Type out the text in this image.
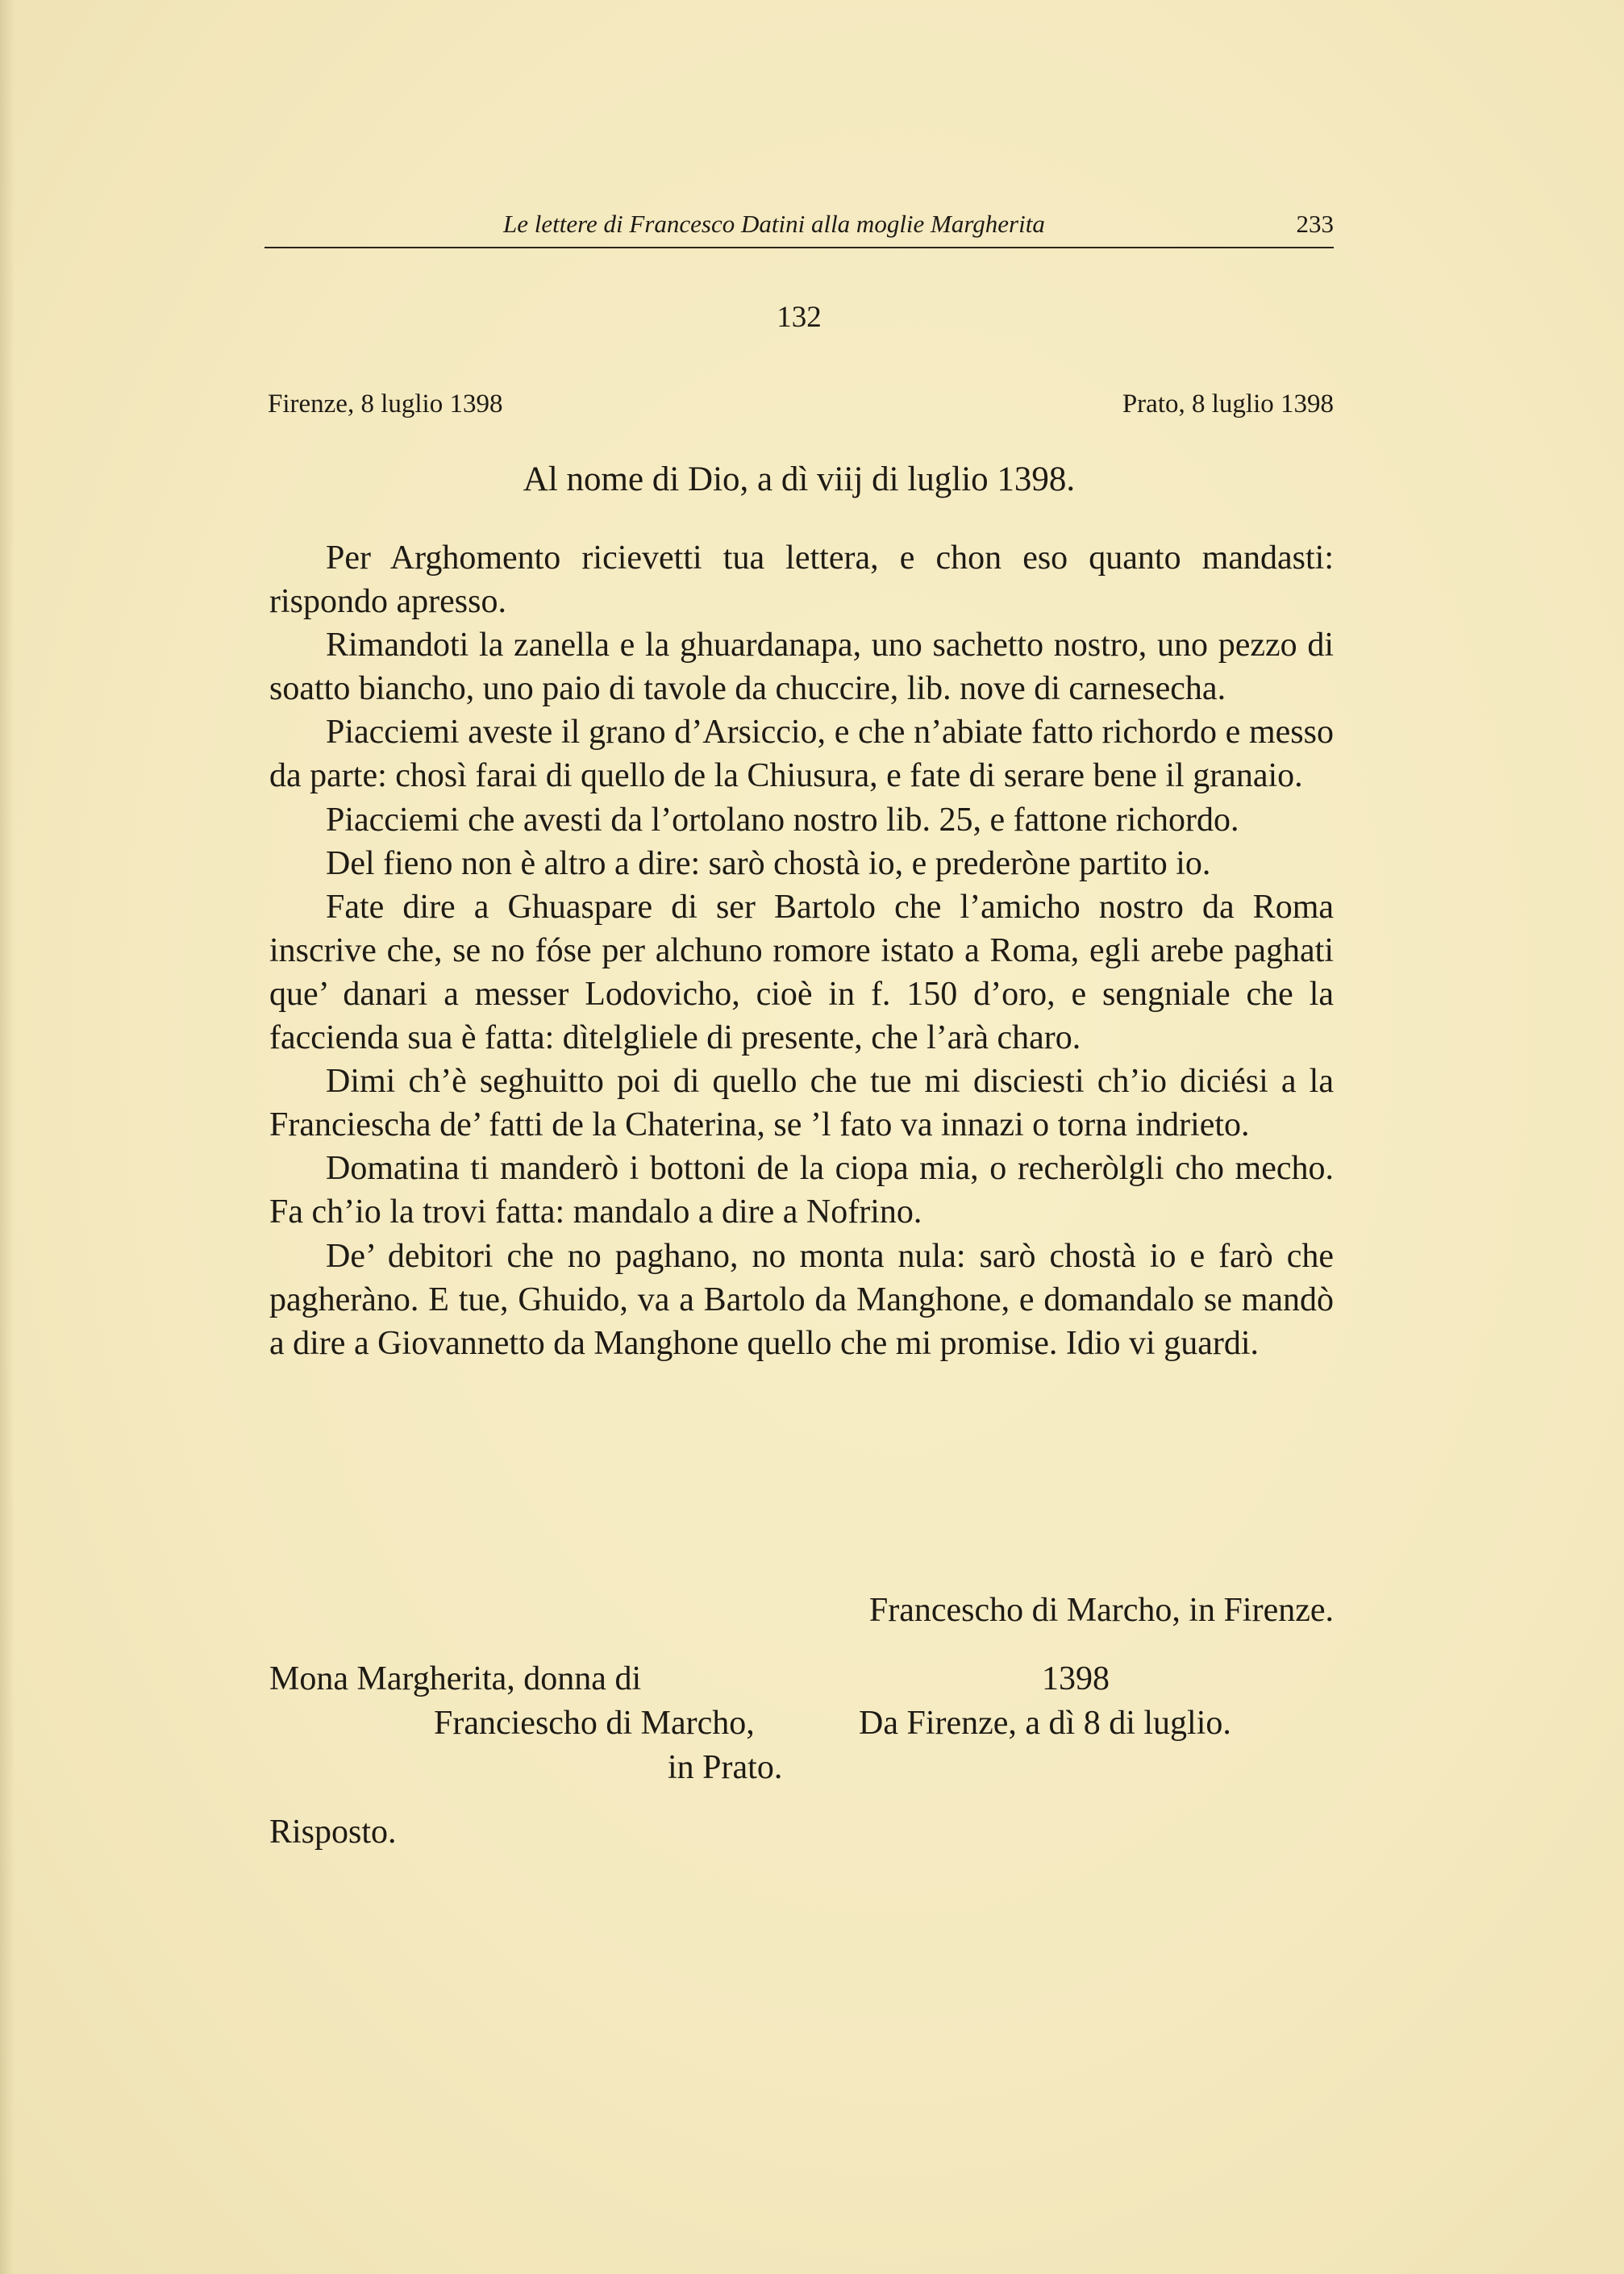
Le lettere di Francesco Datini alla moglie Margherita	233
132
Firenze, 8 luglio 1398	Prato, 8 luglio 1398
Al nome di Dio, a dì viij di luglio 1398.

Per Arghomento ricievetti tua lettera, e chon eso quanto mandasti: rispondo apresso.

Rimandoti la zanella e la ghuardanapa, uno sachetto nostro, uno pezzo di soatto biancho, uno paio di tavole da chuccire, lib. nove di carnesecha.

Piacciemi aveste il grano d’Arsiccio, e che n’abiate fatto richordo e messo da parte: chosì farai di quello de la Chiusura, e fate di serare bene il granaio.

Piacciemi che avesti da l’ortolano nostro lib. 25, e fattone richordo.

Del fieno non è altro a dire: sarò chostà io, e prederòne partito io.

Fate dire a Ghuaspare di ser Bartolo che l’amicho nostro da Roma inscrive che, se no fóse per alchuno romore istato a Roma, egli arebe paghati que’ danari a messer Lodovicho, cioè in f. 150 d’oro, e sengniale che la faccienda sua è fatta: dìtelgliele di presente, che l’arà charo.

Dimi ch’è seghuitto poi di quello che tue mi disciesti ch’io diciési a la Franciescha de’ fatti de la Chaterina, se ’l fato va innazi o torna indrieto.

Domatina ti manderò i bottoni de la ciopa mia, o recheròlgli cho mecho. Fa ch’io la trovi fatta: mandalo a dire a Nofrino.

De’ debitori che no paghano, no monta nula: sarò chostà io e farò che pagheràno. E tue, Ghuido, va a Bartolo da Manghone, e domandalo se mandò a dire a Giovannetto da Manghone quello che mi promise. Idio vi guardi.

Francescho di Marcho, in Firenze.
Mona Margherita, donna di
Franciescho di Marcho,
in Prato.
1398
Da Firenze, a dì 8 di luglio.
Risposto.
